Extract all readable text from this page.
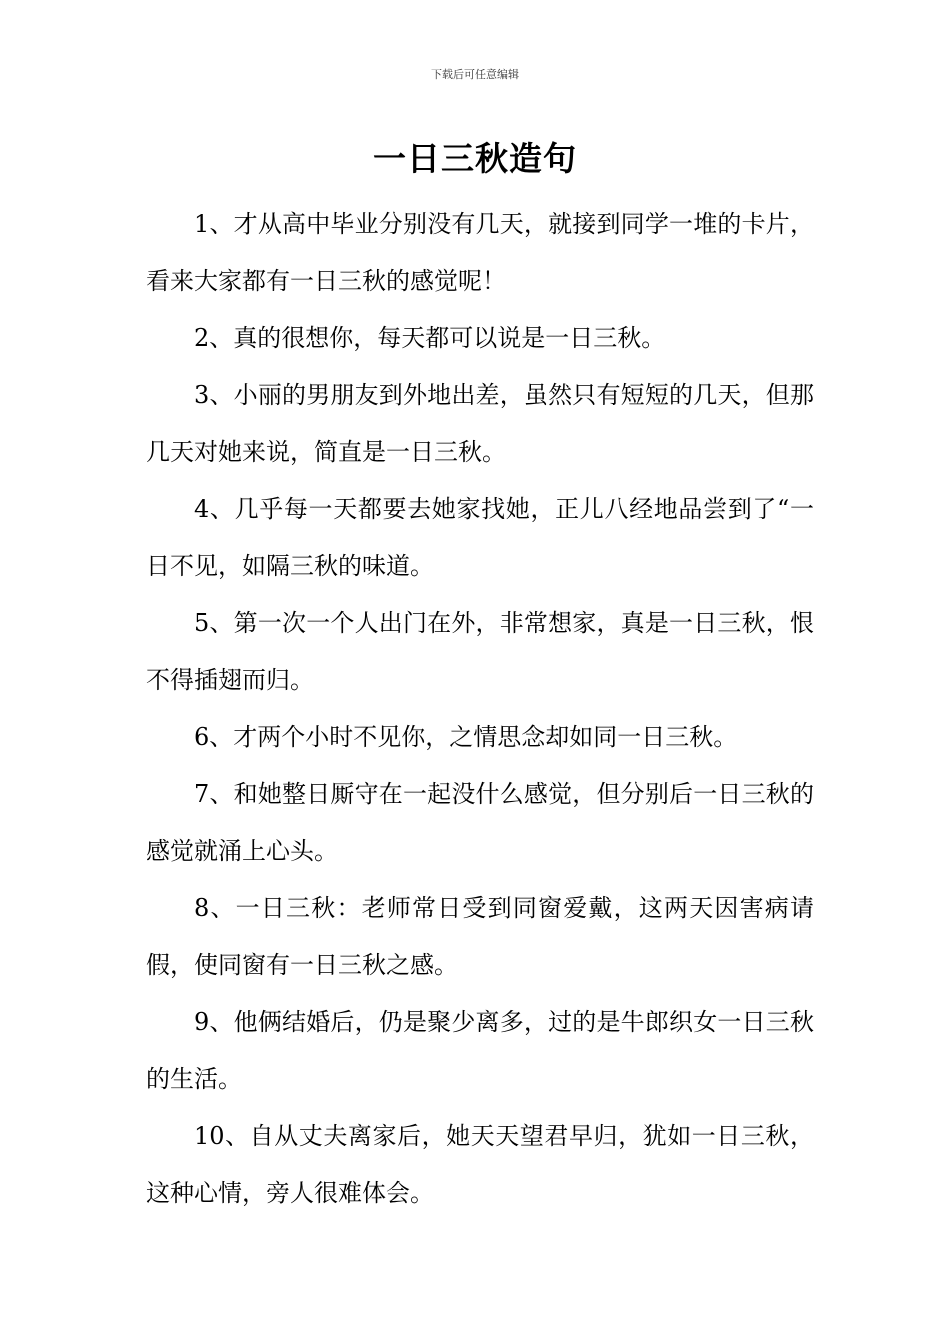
下载后可任意编辑
一日三秋造句

1、才从高中毕业分别没有几天，就接到同学一堆的卡片，看来大家都有一日三秋的感觉呢！

2、真的很想你，每天都可以说是一日三秋。

3、小丽的男朋友到外地出差，虽然只有短短的几天，但那几天对她来说，简直是一日三秋。

4、几乎每一天都要去她家找她，正儿八经地品尝到了“一日不见，如隔三秋的味道。

5、第一次一个人出门在外，非常想家，真是一日三秋，恨不得插翅而归。

6、才两个小时不见你，之情思念却如同一日三秋。

7、和她整日厮守在一起没什么感觉，但分别后一日三秋的感觉就涌上心头。

8、一日三秋：老师常日受到同窗爱戴，这两天因害病请假，使同窗有一日三秋之感。

9、他俩结婚后，仍是聚少离多，过的是牛郎织女一日三秋的生活。

10、自从丈夫离家后，她天天望君早归，犹如一日三秋，这种心情，旁人很难体会。
